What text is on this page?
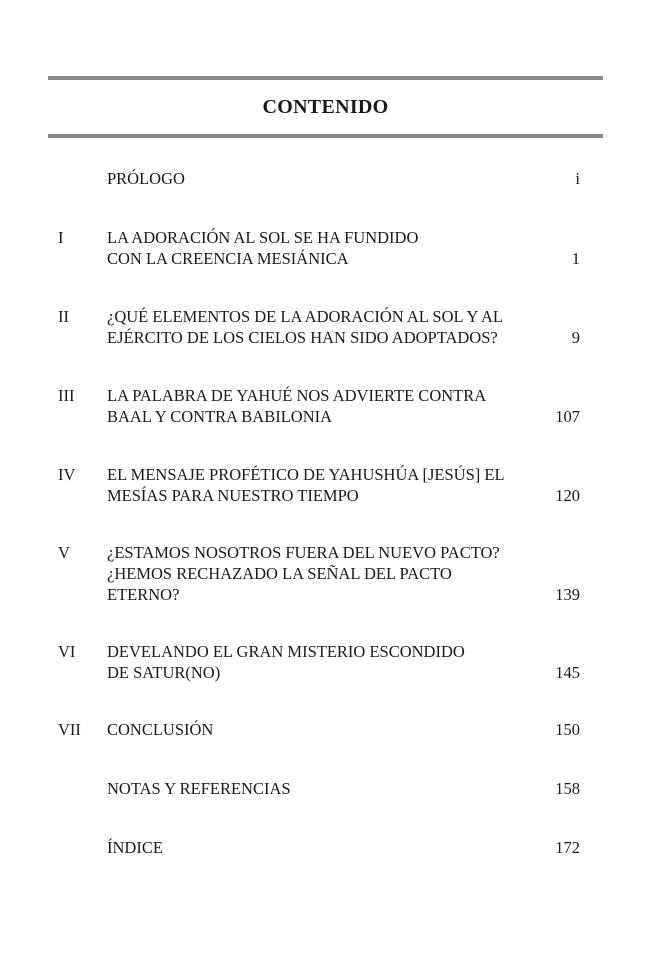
CONTENIDO
PRÓLOGO	i
I	LA ADORACIÓN AL SOL SE HA FUNDIDO
CON LA CREENCIA MESIÁNICA	1
II ¿QUÉ ELEMENTOS DE LA ADORACIÓN AL SOL Y AL
EJÉRCITO DE LOS CIELOS HAN SIDO ADOPTADOS?	9
III LA PALABRA DE YAHUÉ NOS ADVIERTE CONTRA
BAAL Y CONTRA BABILONIA	107
IV EL MENSAJE PROFÉTICO DE YAHUSHÚA [JESÚS] EL
MESÍAS PARA NUESTRO TIEMPO	120
V ¿ESTAMOS NOSOTROS FUERA DEL NUEVO PACTO?
¿HEMOS RECHAZADO LA SEÑAL DEL PACTO
ETERNO?	139
VI DEVELANDO EL GRAN MISTERIO ESCONDIDO
DE SATUR(NO)	145
VII CONCLUSIÓN	150
NOTAS Y REFERENCIAS	158
ÍNDICE	172
